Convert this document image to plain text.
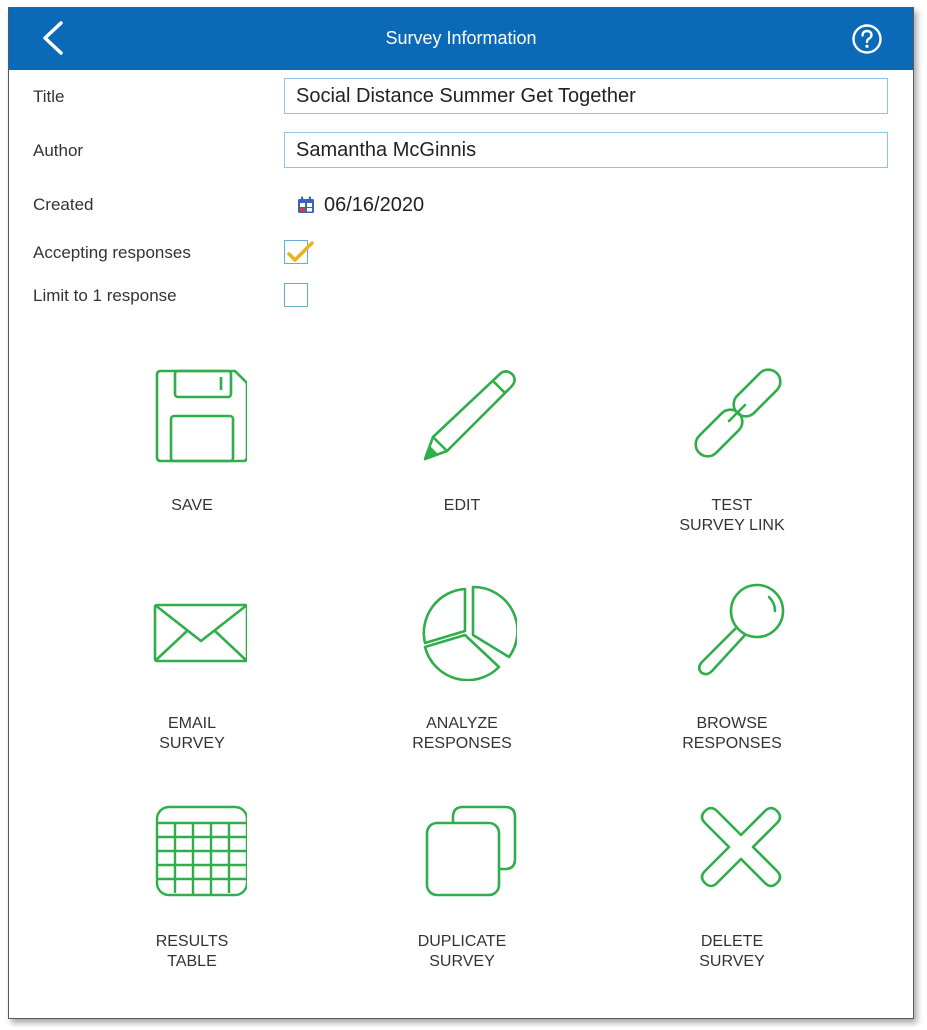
Survey Information
Title
Social Distance Summer Get Together
Author
Samantha McGinnis
Created	06/16/2020
Accepting responses
Limit to 1 response
SAVE	EDIT	TEST
SURVEY LINK
EMAIL
SURVEY
ANALYZE
RESPONSES
BROWSE
RESPONSES
RESULTS
TABLE
DUPLICATE
SURVEY
DELETE
SURVEY
